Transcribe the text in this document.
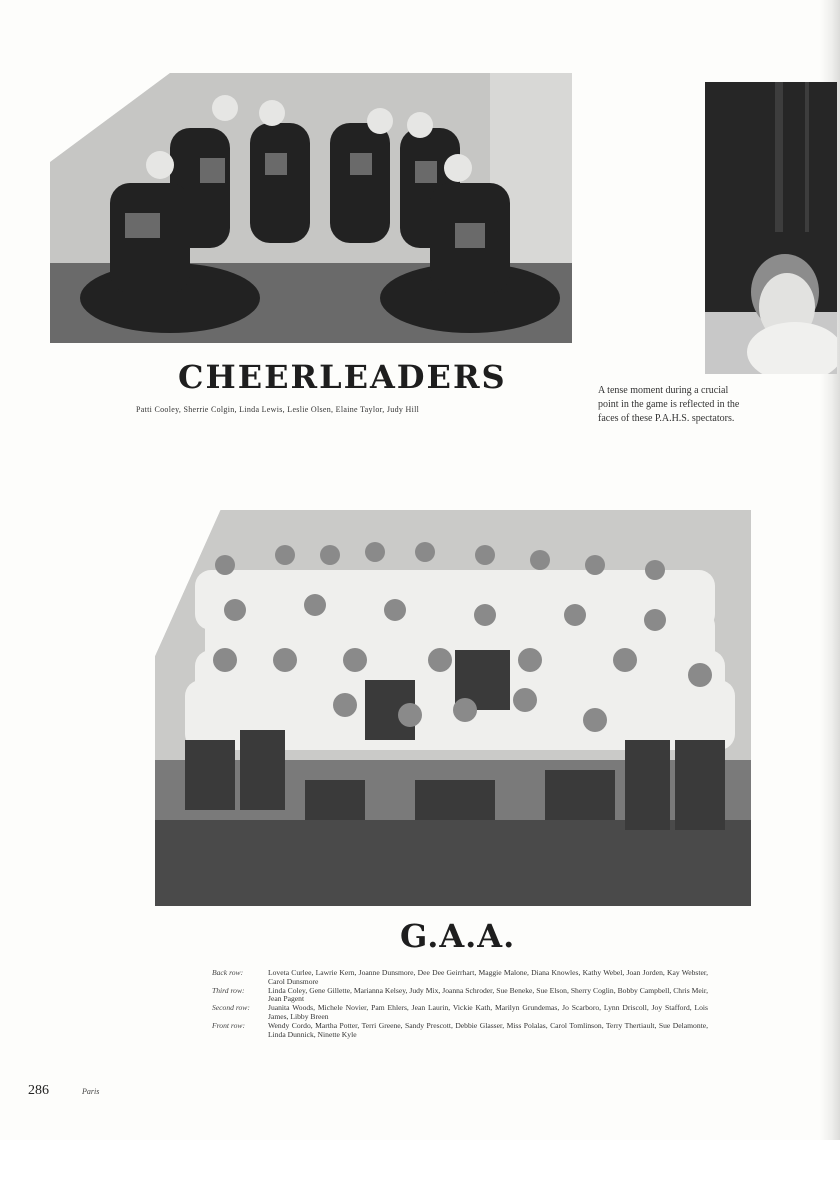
CHEERLEADERS
Patti Cooley, Sherrie Colgin, Linda Lewis, Leslie Olsen, Elaine Taylor, Judy Hill
A tense moment during a crucial
point in the game is reflected in the
faces of these P.A.H.S. spectators.
G.A.A.
Back row:	Loveta Curlee, Lawrie Kern, Joanne Dunsmore, Dee Dee Geirrhart, Maggie Malone, Diana Knowles, Kathy Webel, Joan Jorden, Kay Webster, Carol Dunsmore
Third row:	Linda Coley, Gene Gillette, Marianna Kelsey, Judy Mix, Joanna Schroder, Sue Beneke, Sue Elson, Sherry Coglin, Bobby Campbell, Chris Meir, Jean Pagent
Second row:	Juanita Woods, Michele Novier, Pam Ehlers, Jean Laurin, Vickie Kath, Marilyn Grundemas, Jo Scarboro, Lynn Driscoll, Joy Stafford, Lois James, Libby Breen
Front row:	Wendy Cordo, Martha Potter, Terri Greene, Sandy Prescott, Debbie Glasser, Miss Polalas, Carol Tomlinson, Terry Thertiault, Sue Delamonte, Linda Dunnick, Ninette Kyle
286	Paris
